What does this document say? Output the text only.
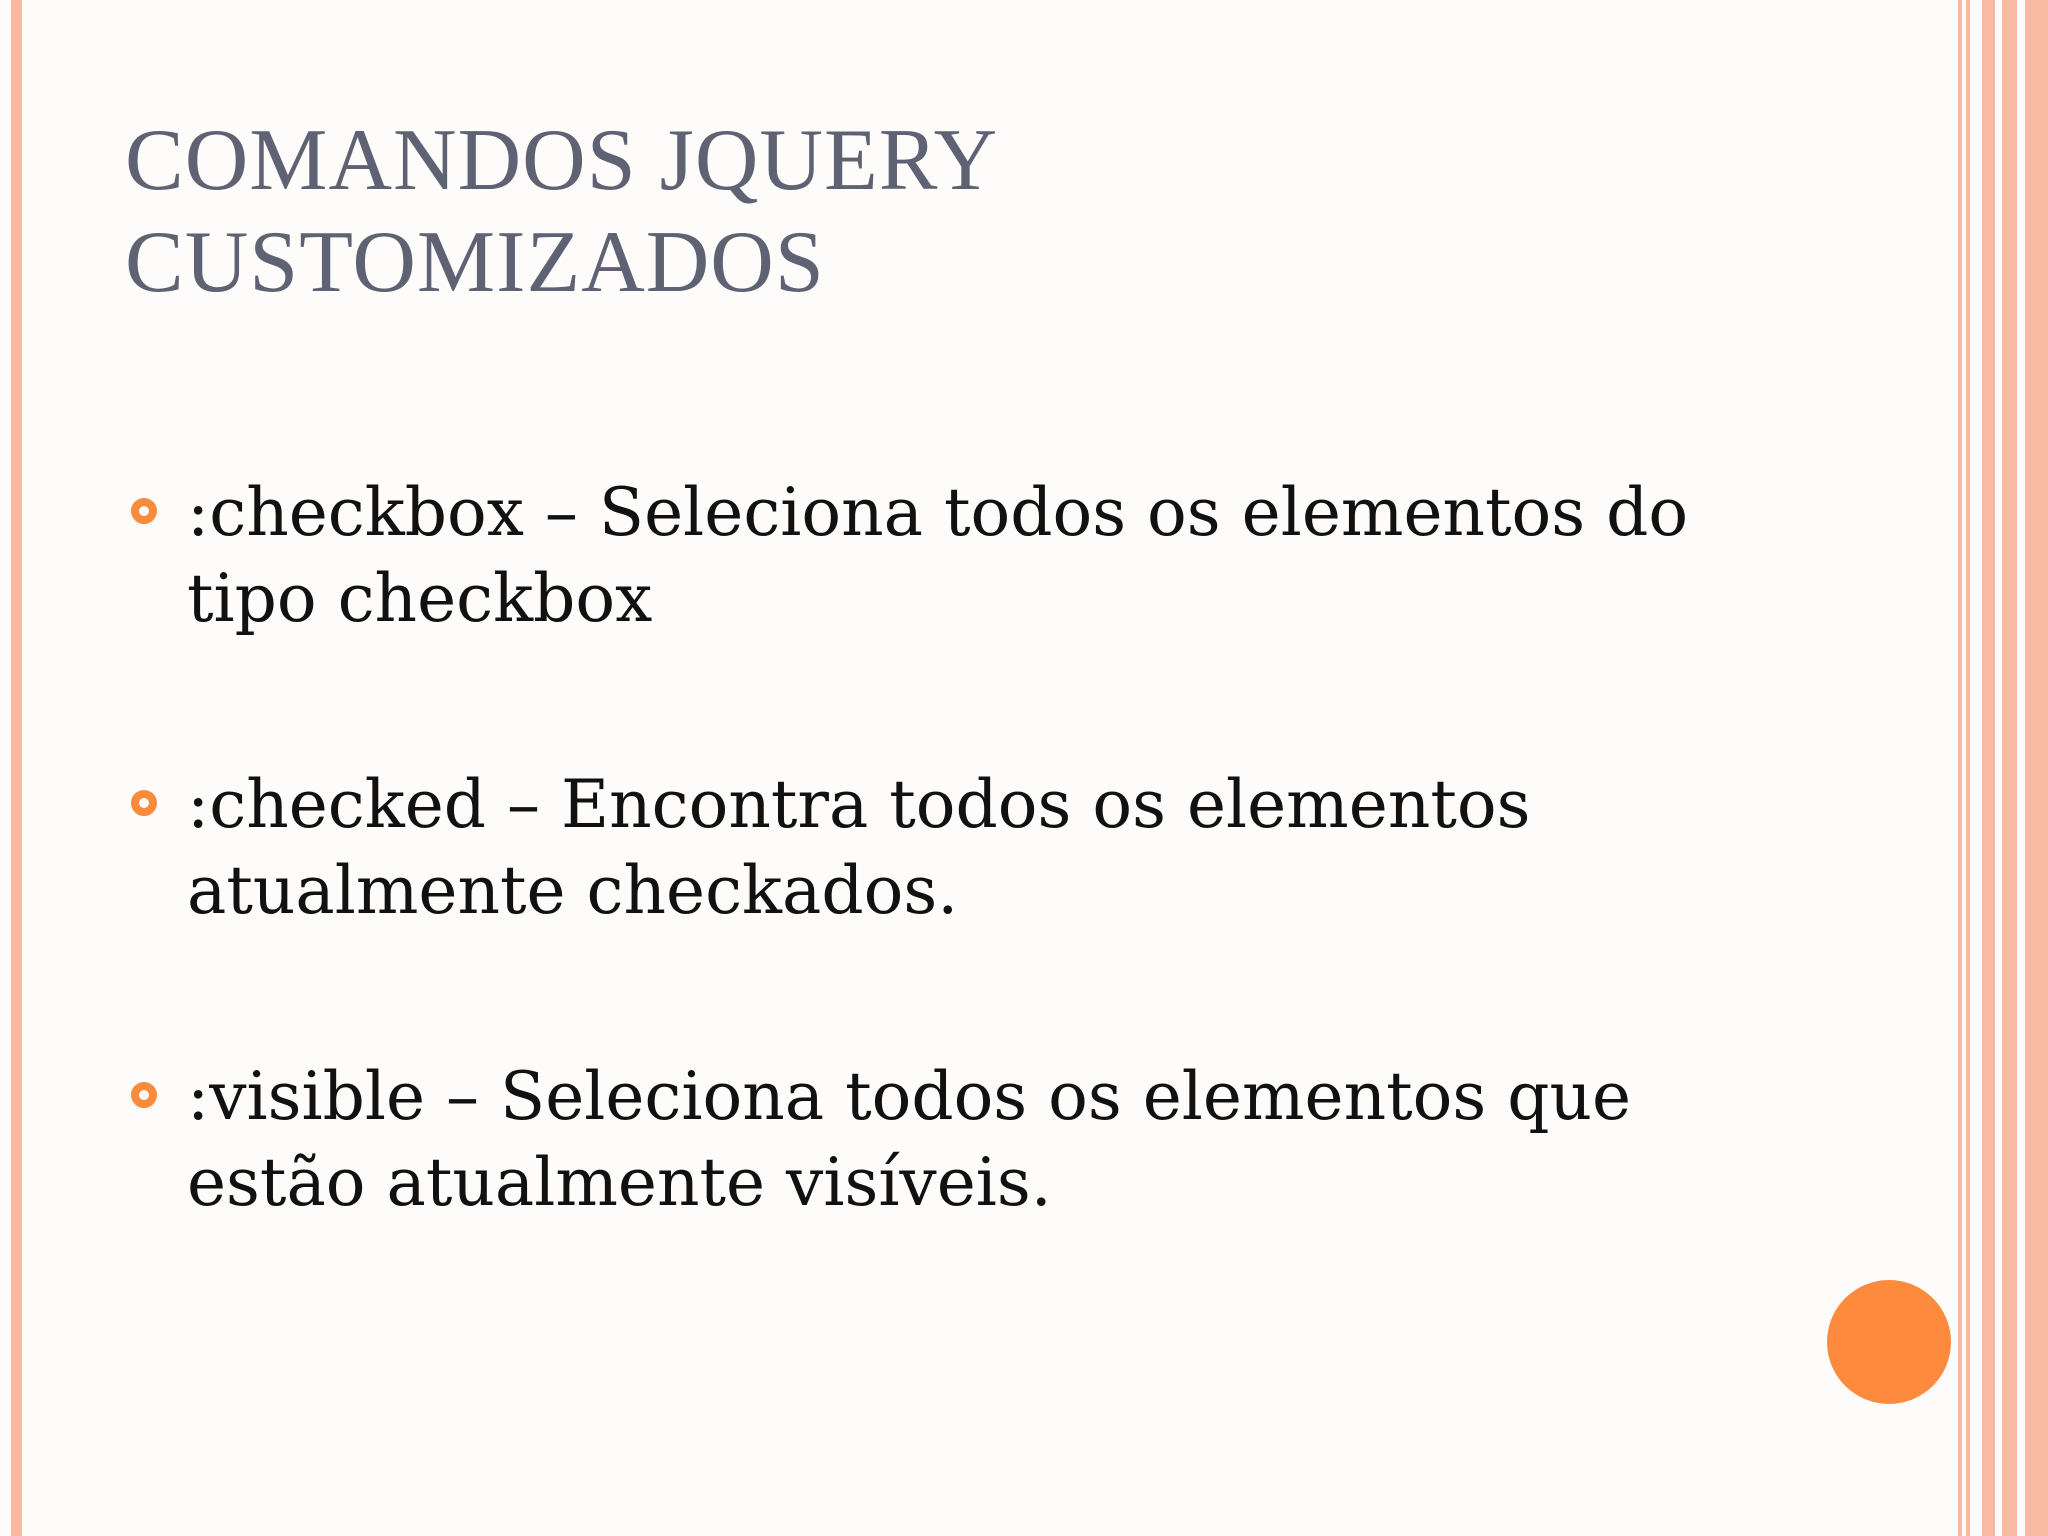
COMANDOS JQUERY
CUSTOMIZADOS
:checkbox – Seleciona todos os elementos do tipo checkbox
:checked – Encontra todos os elementos atualmente checkados.
:visible – Seleciona todos os elementos que estão atualmente visíveis.
